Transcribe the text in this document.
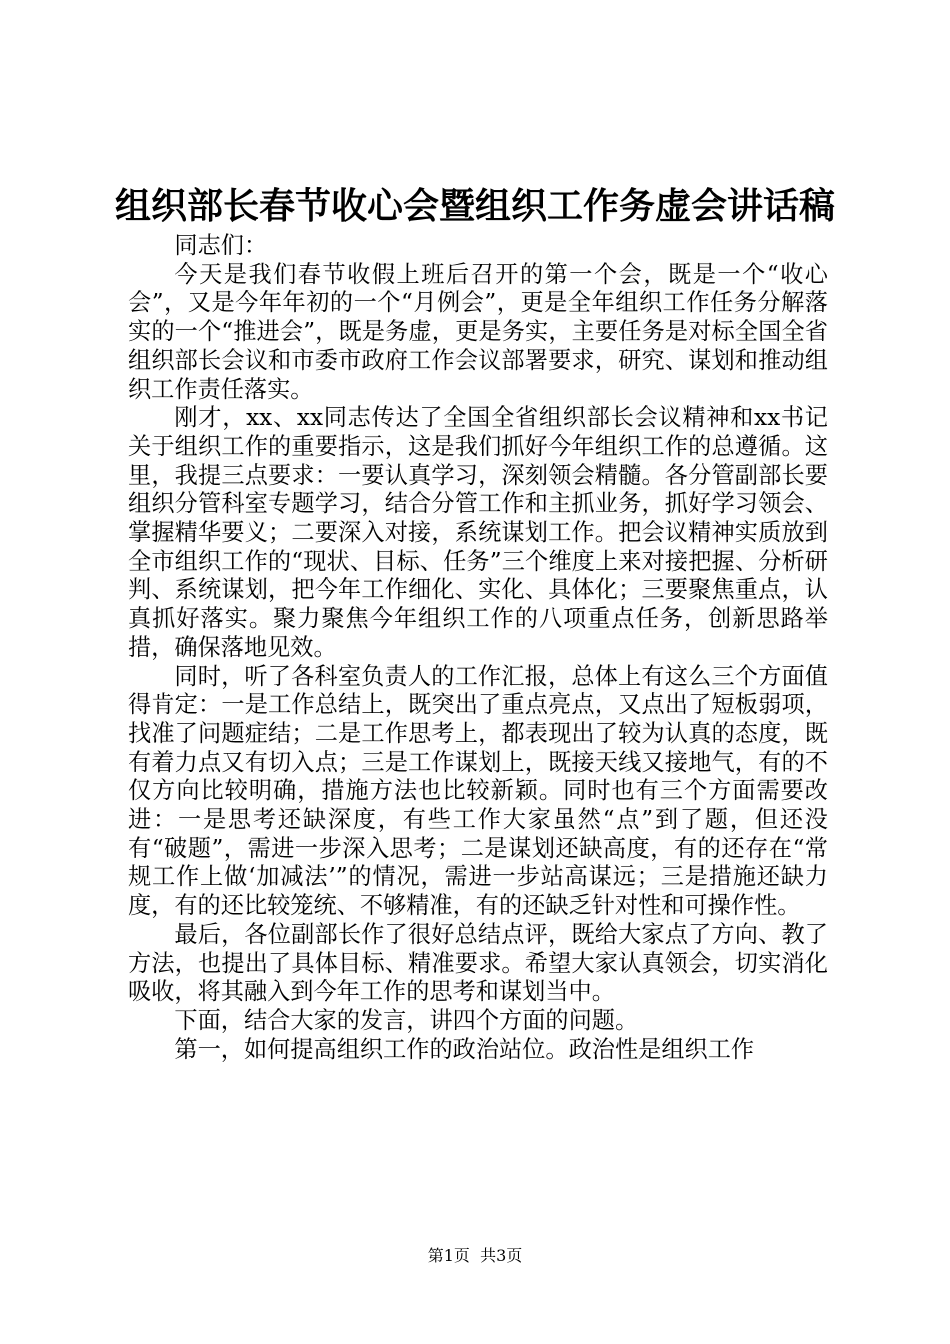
组织部长春节收心会暨组织工作务虚会讲话稿

同志们：

今天是我们春节收假上班后召开的第一个会，既是一个“收心会”，又是今年年初的一个“月例会”，更是全年组织工作任务分解落实的一个“推进会”，既是务虚，更是务实，主要任务是对标全国全省组织部长会议和市委市政府工作会议部署要求，研究、谋划和推动组织工作责任落实。

刚才，xx、xx同志传达了全国全省组织部长会议精神和xx书记关于组织工作的重要指示，这是我们抓好今年组织工作的总遵循。这里，我提三点要求：一要认真学习，深刻领会精髓。各分管副部长要组织分管科室专题学习，结合分管工作和主抓业务，抓好学习领会、掌握精华要义；二要深入对接，系统谋划工作。把会议精神实质放到全市组织工作的“现状、目标、任务”三个维度上来对接把握、分析研判、系统谋划，把今年工作细化、实化、具体化；三要聚焦重点，认真抓好落实。聚力聚焦今年组织工作的八项重点任务，创新思路举措，确保落地见效。

同时，听了各科室负责人的工作汇报，总体上有这么三个方面值得肯定：一是工作总结上，既突出了重点亮点，又点出了短板弱项，找准了问题症结；二是工作思考上，都表现出了较为认真的态度，既有着力点又有切入点；三是工作谋划上，既接天线又接地气，有的不仅方向比较明确，措施方法也比较新颖。同时也有三个方面需要改进：一是思考还缺深度，有些工作大家虽然“点”到了题，但还没有“破题”，需进一步深入思考；二是谋划还缺高度，有的还存在“常规工作上做‘加减法’”的情况，需进一步站高谋远；三是措施还缺力度，有的还比较笼统、不够精准，有的还缺乏针对性和可操作性。

最后，各位副部长作了很好总结点评，既给大家点了方向、教了方法，也提出了具体目标、精准要求。希望大家认真领会，切实消化吸收，将其融入到今年工作的思考和谋划当中。

下面，结合大家的发言，讲四个方面的问题。

第一，如何提高组织工作的政治站位。政治性是组织工作

第1页  共3页
